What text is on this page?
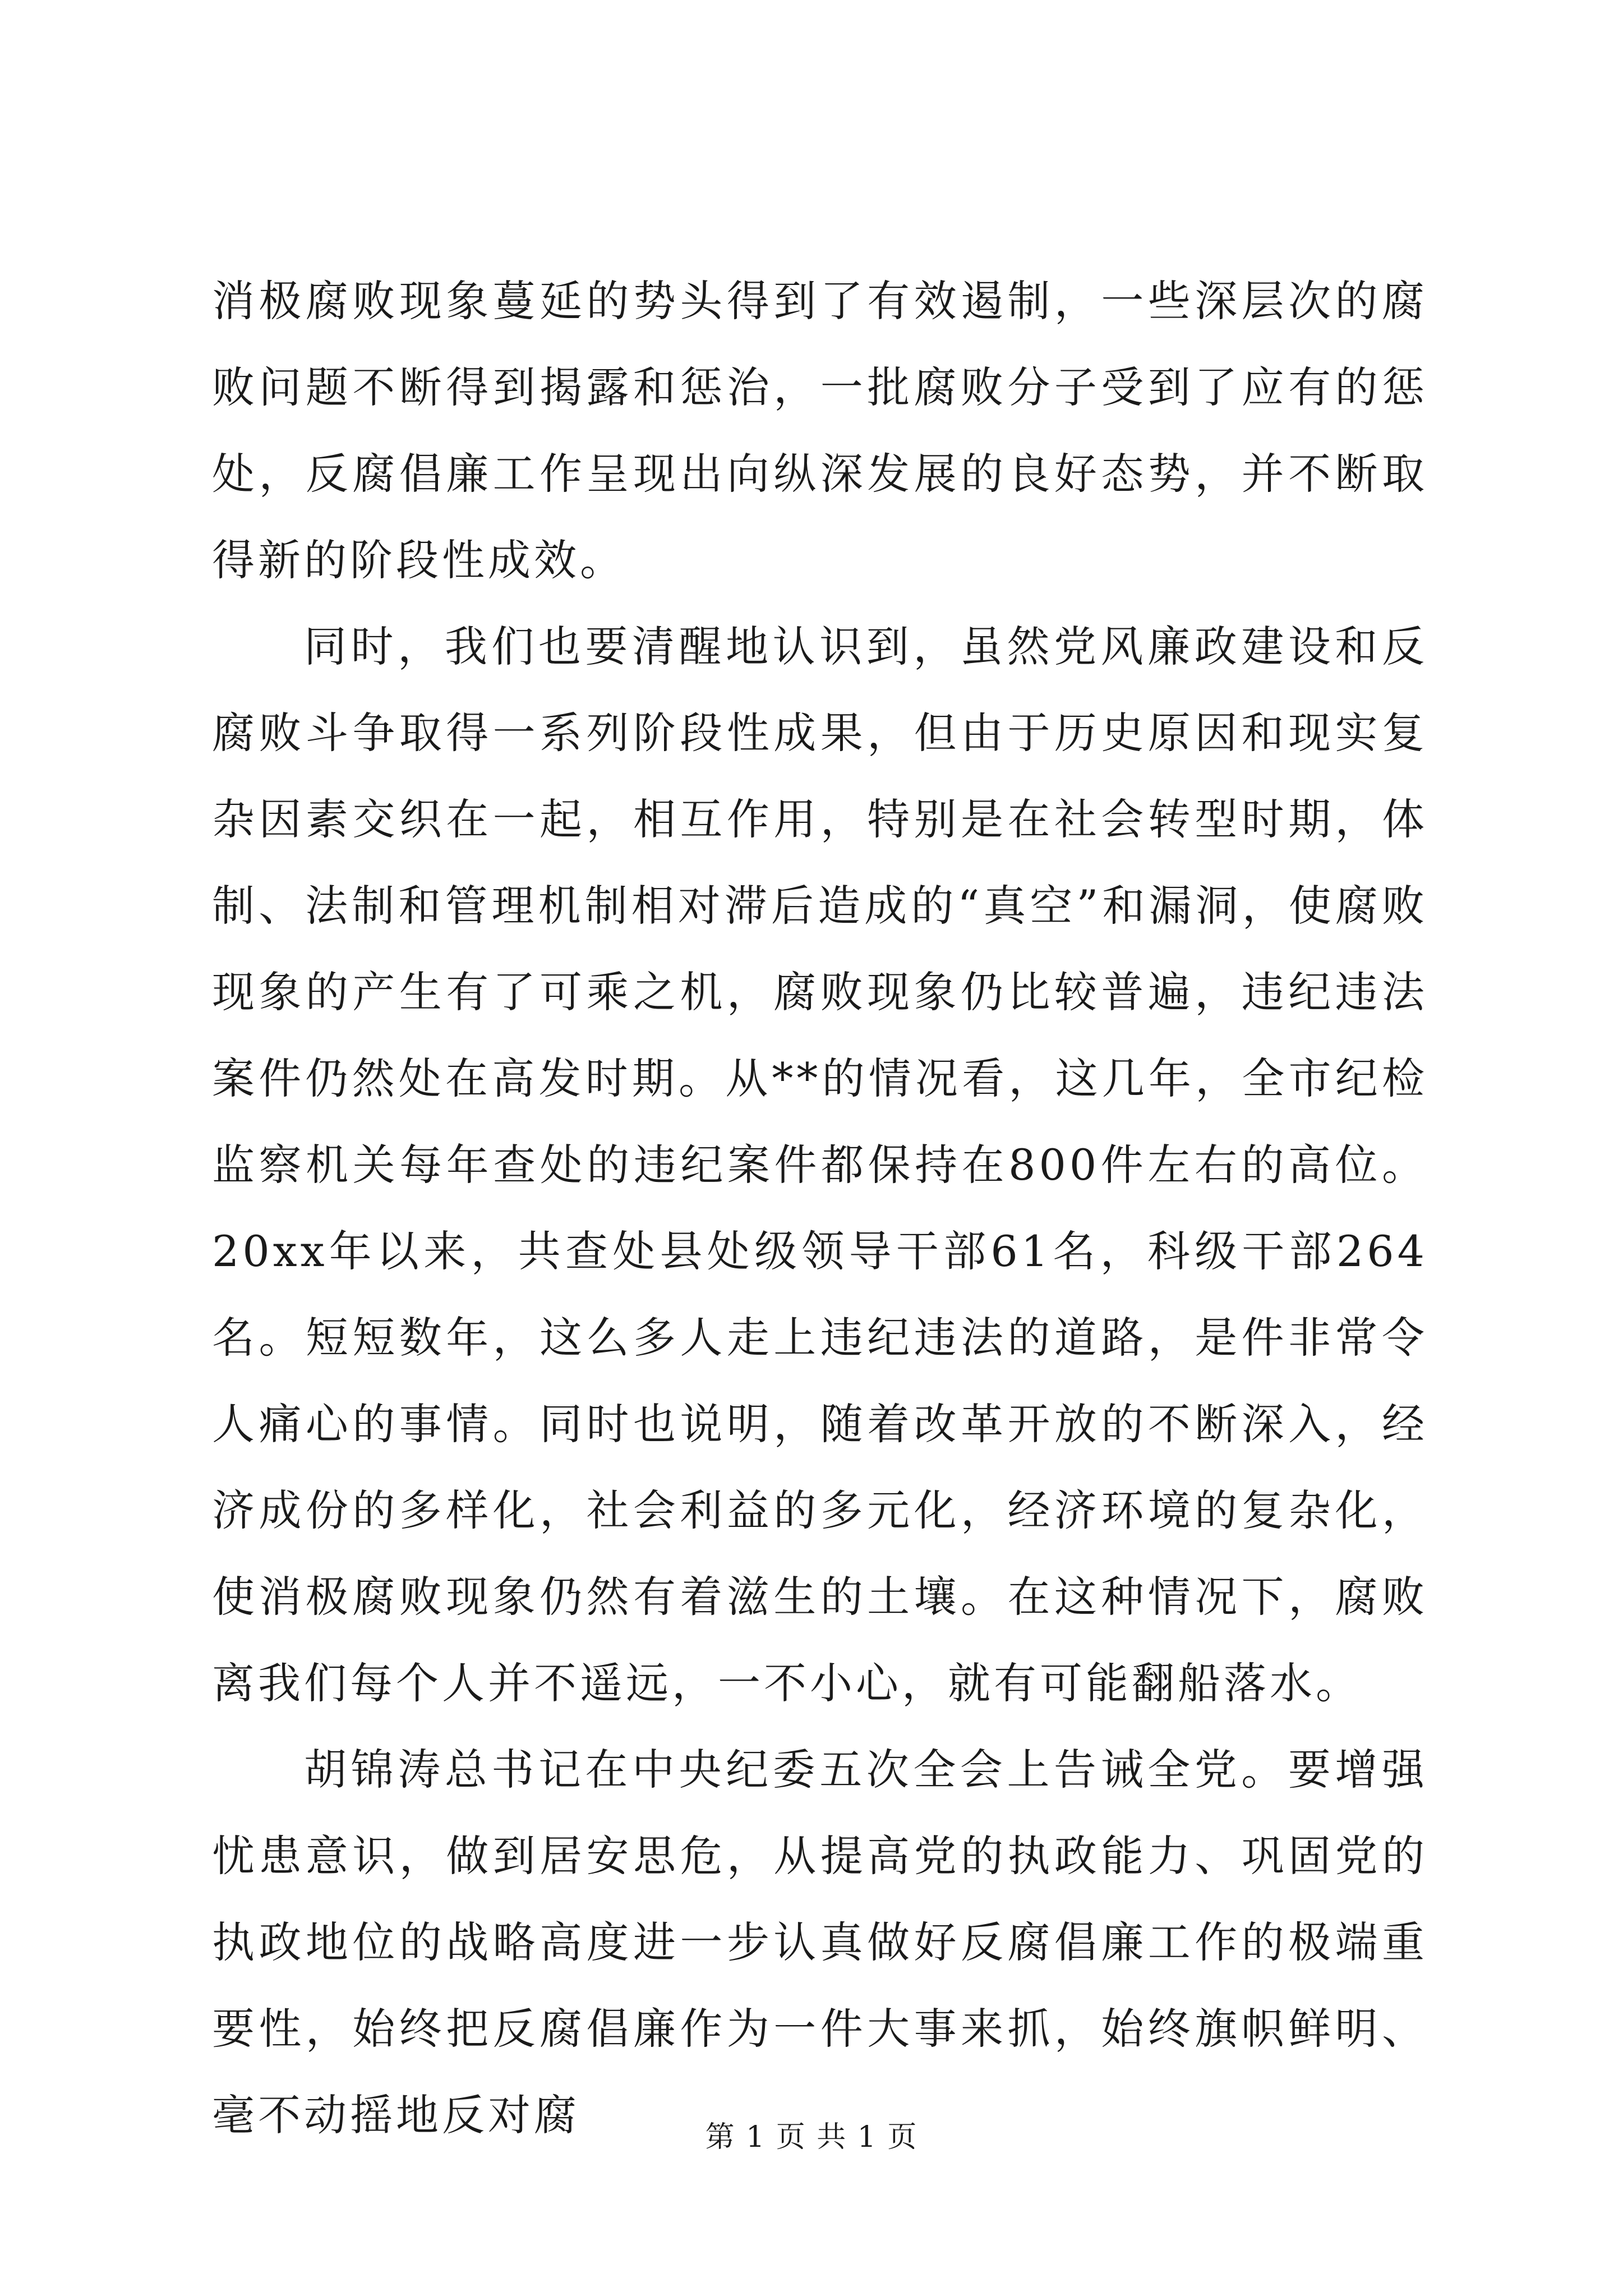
消极腐败现象蔓延的势头得到了有效遏制，一些深层次的腐败问题不断得到揭露和惩治，一批腐败分子受到了应有的惩处，反腐倡廉工作呈现出向纵深发展的良好态势，并不断取得新的阶段性成效。

同时，我们也要清醒地认识到，虽然党风廉政建设和反腐败斗争取得一系列阶段性成果，但由于历史原因和现实复杂因素交织在一起，相互作用，特别是在社会转型时期，体制、法制和管理机制相对滞后造成的“真空”和漏洞，使腐败现象的产生有了可乘之机，腐败现象仍比较普遍，违纪违法案件仍然处在高发时期。从**的情况看，这几年，全市纪检监察机关每年查处的违纪案件都保持在800件左右的高位。20xx年以来，共查处县处级领导干部61名，科级干部264名。短短数年，这么多人走上违纪违法的道路，是件非常令人痛心的事情。同时也说明，随着改革开放的不断深入，经济成份的多样化，社会利益的多元化，经济环境的复杂化，使消极腐败现象仍然有着滋生的土壤。在这种情况下，腐败离我们每个人并不遥远，一不小心，就有可能翻船落水。

胡锦涛总书记在中央纪委五次全会上告诫全党。要增强忧患意识，做到居安思危，从提高党的执政能力、巩固党的执政地位的战略高度进一步认真做好反腐倡廉工作的极端重要性，始终把反腐倡廉作为一件大事来抓，始终旗帜鲜明、毫不动摇地反对腐	第 1 页 共 1 页
